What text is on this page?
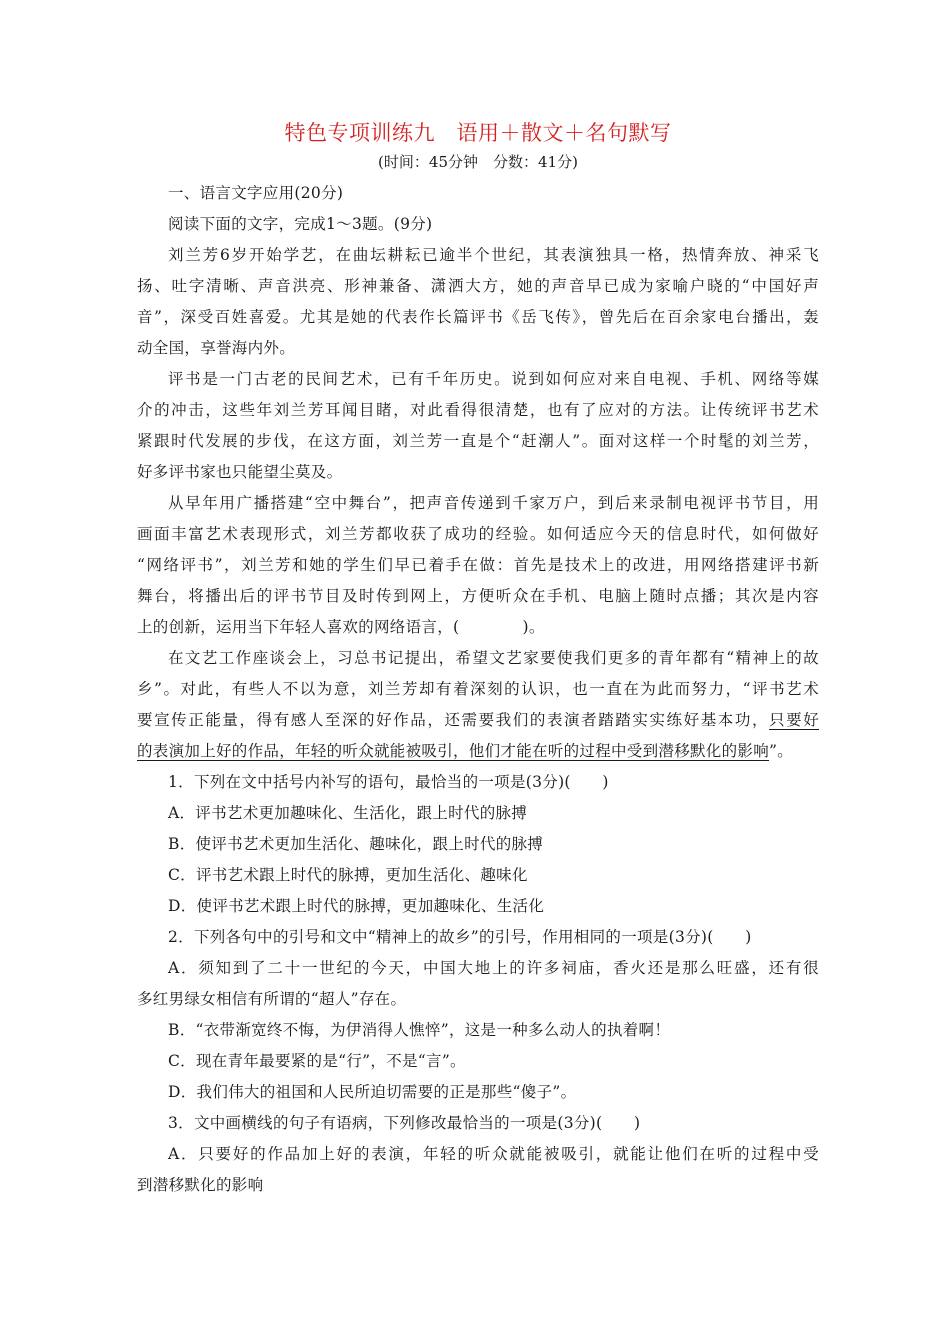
特色专项训练九　语用＋散文＋名句默写

(时间：45分钟　分数：41分)

一、语言文字应用(20分)

阅读下面的文字，完成1～3题。(9分)

刘兰芳6岁开始学艺，在曲坛耕耘已逾半个世纪，其表演独具一格，热情奔放、神采飞

扬、吐字清晰、声音洪亮、形神兼备、潇洒大方，她的声音早已成为家喻户晓的“中国好声

音”，深受百姓喜爱。尤其是她的代表作长篇评书《岳飞传》，曾先后在百余家电台播出，轰

动全国，享誉海内外。

评书是一门古老的民间艺术，已有千年历史。说到如何应对来自电视、手机、网络等媒

介的冲击，这些年刘兰芳耳闻目睹，对此看得很清楚，也有了应对的方法。让传统评书艺术

紧跟时代发展的步伐，在这方面，刘兰芳一直是个“赶潮人”。面对这样一个时髦的刘兰芳，

好多评书家也只能望尘莫及。

从早年用广播搭建“空中舞台”，把声音传递到千家万户，到后来录制电视评书节目，用

画面丰富艺术表现形式，刘兰芳都收获了成功的经验。如何适应今天的信息时代，如何做好

“网络评书”，刘兰芳和她的学生们早已着手在做：首先是技术上的改进，用网络搭建评书新

舞台，将播出后的评书节目及时传到网上，方便听众在手机、电脑上随时点播；其次是内容

上的创新，运用当下年轻人喜欢的网络语言，(　　　　)。

在文艺工作座谈会上，习总书记提出，希望文艺家要使我们更多的青年都有“精神上的故

乡”。对此，有些人不以为意，刘兰芳却有着深刻的认识，也一直在为此而努力，“评书艺术

要宣传正能量，得有感人至深的好作品，还需要我们的表演者踏踏实实练好基本功，只要好

的表演加上好的作品，年轻的听众就能被吸引，他们才能在听的过程中受到潜移默化的影响”。

1．下列在文中括号内补写的语句，最恰当的一项是(3分)(　　)

A．评书艺术更加趣味化、生活化，跟上时代的脉搏

B．使评书艺术更加生活化、趣味化，跟上时代的脉搏

C．评书艺术跟上时代的脉搏，更加生活化、趣味化

D．使评书艺术跟上时代的脉搏，更加趣味化、生活化

2．下列各句中的引号和文中“精神上的故乡”的引号，作用相同的一项是(3分)(　　)

A．须知到了二十一世纪的今天，中国大地上的许多祠庙，香火还是那么旺盛，还有很

多红男绿女相信有所谓的“超人”存在。

B．“衣带渐宽终不悔，为伊消得人憔悴”，这是一种多么动人的执着啊！

C．现在青年最要紧的是“行”，不是“言”。

D．我们伟大的祖国和人民所迫切需要的正是那些“傻子”。

3．文中画横线的句子有语病，下列修改最恰当的一项是(3分)(　　)

A．只要好的作品加上好的表演，年轻的听众就能被吸引，就能让他们在听的过程中受

到潜移默化的影响
